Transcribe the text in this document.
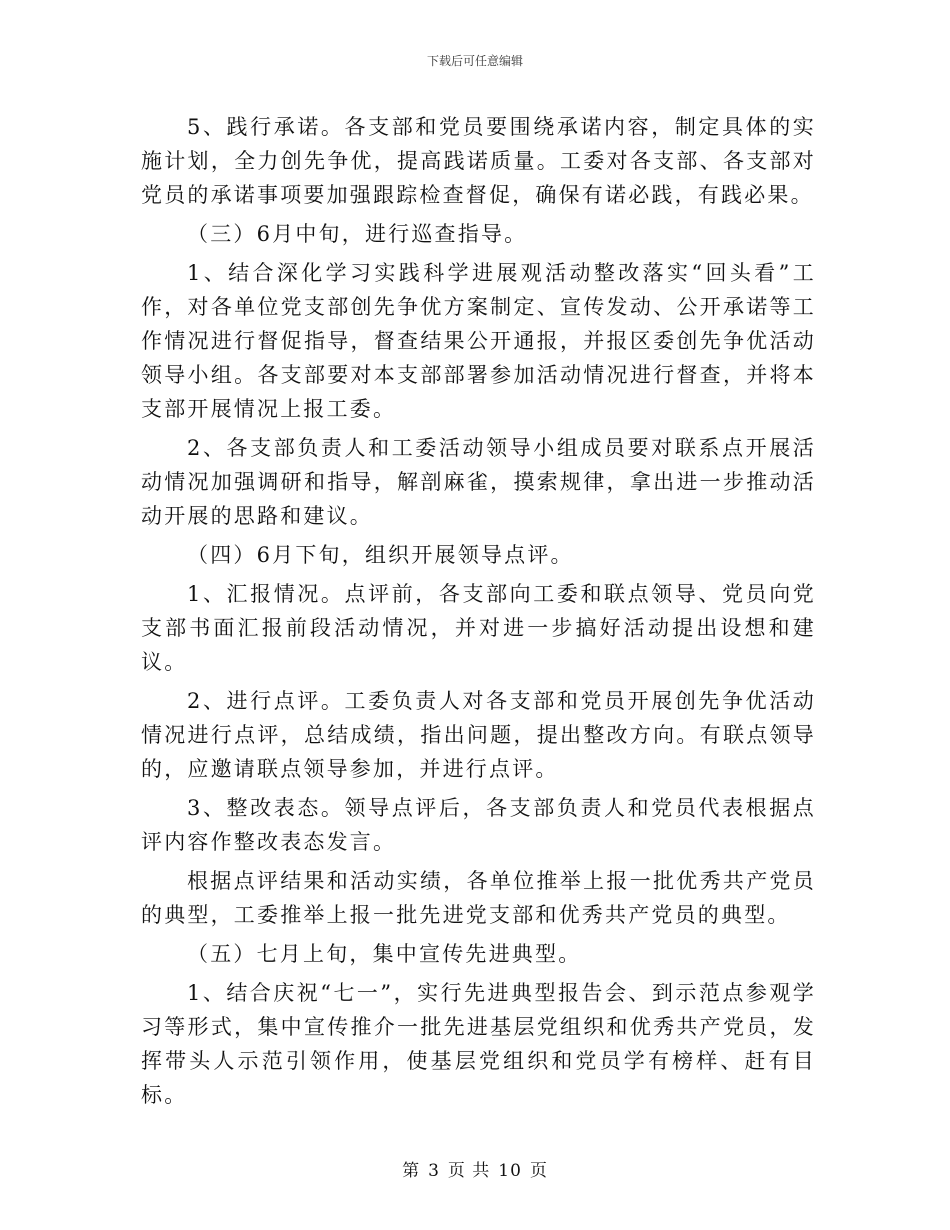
下载后可任意编辑

5、践行承诺。各支部和党员要围绕承诺内容，制定具体的实施计划，全力创先争优，提高践诺质量。工委对各支部、各支部对党员的承诺事项要加强跟踪检查督促，确保有诺必践，有践必果。

（三）6月中旬，进行巡查指导。

1、结合深化学习实践科学进展观活动整改落实“回头看”工作，对各单位党支部创先争优方案制定、宣传发动、公开承诺等工作情况进行督促指导，督查结果公开通报，并报区委创先争优活动领导小组。各支部要对本支部部署参加活动情况进行督查，并将本支部开展情况上报工委。

2、各支部负责人和工委活动领导小组成员要对联系点开展活动情况加强调研和指导，解剖麻雀，摸索规律，拿出进一步推动活动开展的思路和建议。

（四）6月下旬，组织开展领导点评。

1、汇报情况。点评前，各支部向工委和联点领导、党员向党支部书面汇报前段活动情况，并对进一步搞好活动提出设想和建议。

2、进行点评。工委负责人对各支部和党员开展创先争优活动情况进行点评，总结成绩，指出问题，提出整改方向。有联点领导的，应邀请联点领导参加，并进行点评。

3、整改表态。领导点评后，各支部负责人和党员代表根据点评内容作整改表态发言。

根据点评结果和活动实绩，各单位推举上报一批优秀共产党员的典型，工委推举上报一批先进党支部和优秀共产党员的典型。

（五）七月上旬，集中宣传先进典型。

1、结合庆祝“七一”，实行先进典型报告会、到示范点参观学习等形式，集中宣传推介一批先进基层党组织和优秀共产党员，发挥带头人示范引领作用，使基层党组织和党员学有榜样、赶有目标。

第 3 页 共 10 页
